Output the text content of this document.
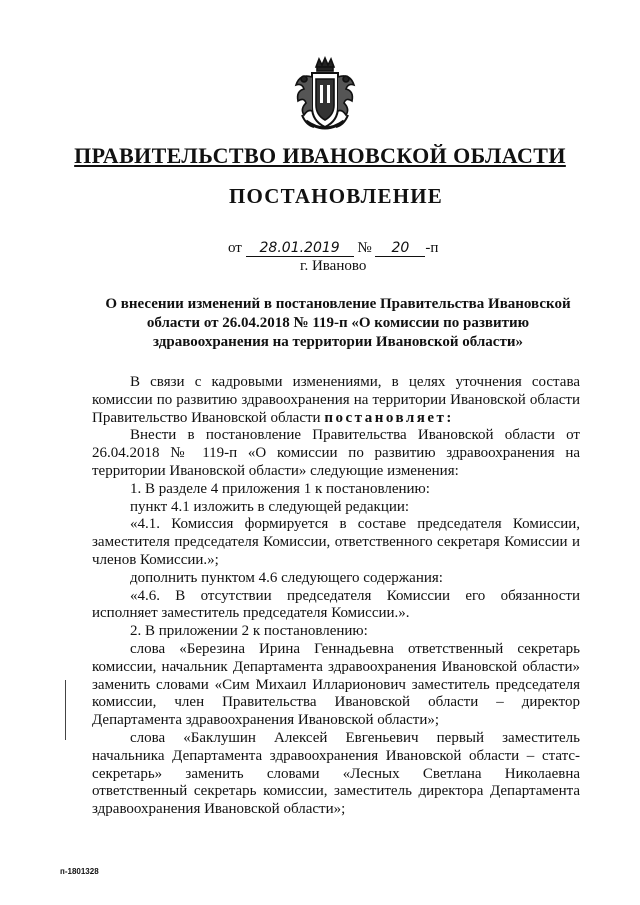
ПРАВИТЕЛЬСТВО ИВАНОВСКОЙ ОБЛАСТИ
ПОСТАНОВЛЕНИЕ
от 28.01.2019 № 20 -п
г. Иваново
О внесении изменений в постановление Правительства Ивановской области от 26.04.2018 № 119-п «О комиссии по развитию здравоохранения на территории Ивановской области»

В связи с кадровыми изменениями, в целях уточнения состава комиссии по развитию здравоохранения на территории Ивановской области Правительство Ивановской области постановляет:

Внести в постановление Правительства Ивановской области от 26.04.2018 № 119-п «О комиссии по развитию здравоохранения на территории Ивановской области» следующие изменения:

1. В разделе 4 приложения 1 к постановлению:

пункт 4.1 изложить в следующей редакции:

«4.1. Комиссия формируется в составе председателя Комиссии, заместителя председателя Комиссии, ответственного секретаря Комиссии и членов Комиссии.»;

дополнить пунктом 4.6 следующего содержания:

«4.6. В отсутствии председателя Комиссии его обязанности исполняет заместитель председателя Комиссии.».

2. В приложении 2 к постановлению:

слова «Березина Ирина Геннадьевна ответственный секретарь комиссии, начальник Департамента здравоохранения Ивановской области» заменить словами «Сим Михаил Илларионович заместитель председателя комиссии, член Правительства Ивановской области – директор Департамента здравоохранения Ивановской области»;

слова «Баклушин Алексей Евгеньевич первый заместитель начальника Департамента здравоохранения Ивановской области – статс-секретарь» заменить словами «Лесных Светлана Николаевна ответственный секретарь комиссии, заместитель директора Департамента здравоохранения Ивановской области»;

п-1801328
